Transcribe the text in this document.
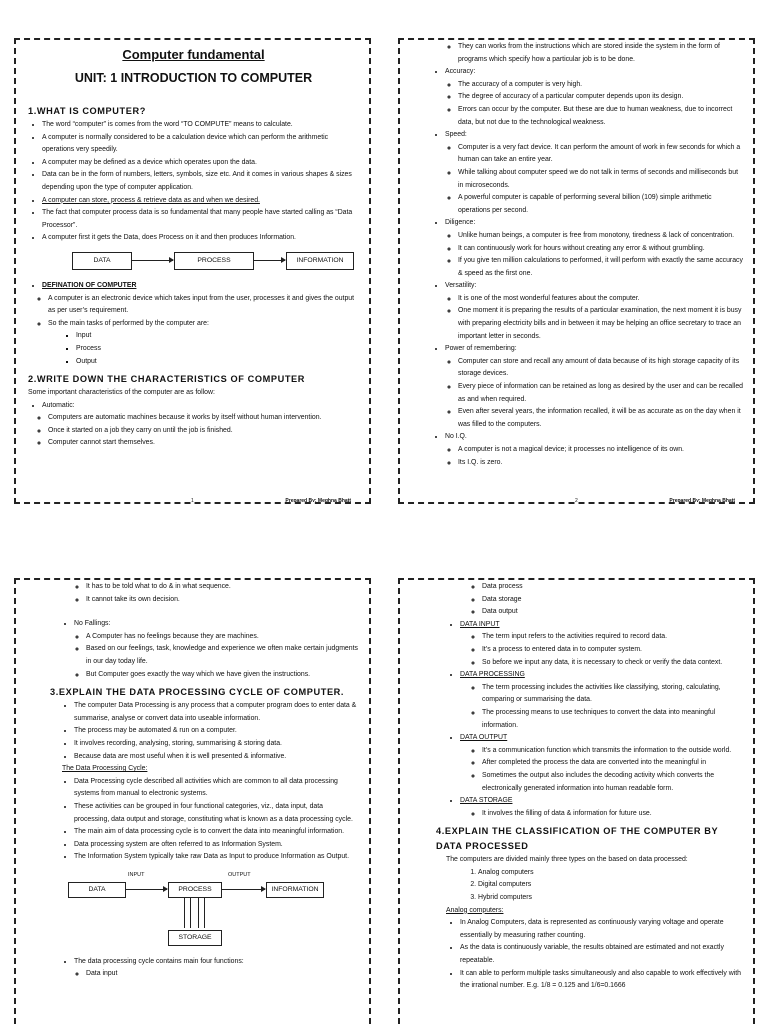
Computer fundamental
UNIT: 1 INTRODUCTION TO COMPUTER
1.WHAT IS COMPUTER?
• The word “computer” is comes from the word “TO COMPUTE” means to calculate.
• A computer is normally considered to be a calculation device which can perform the arithmetic operations very speedily.
• A computer may be defined as a device which operates upon the data.
• Data can be in the form of numbers, letters, symbols, size etc. And it comes in various shapes & sizes depending upon the type of computer application.
• A computer can store, process & retrieve data as and when we desired.
• The fact that computer process data is so fundamental that many people have started calling as “Data Processor”.
• A computer first it gets the Data, does Process on it and then produces Information.
DATA	PROCESS	INFORMATION
• DEFINATION OF COMPUTER
◦ A computer is an electronic device which takes input from the user, processes it and gives the output as per user’s requirement.
◦ So the main tasks of performed by the computer are:
▪ Input
▪ Process
▪ Output
2.WRITE DOWN THE CHARACTERISTICS OF COMPUTER

Some important characteristics of the computer are as follow:

• Automatic:
◦ Computers are automatic machines because it works by itself without human intervention.
◦ Once it started on a job they carry on until the job is finished.
◦ Computer cannot start themselves.
1	Prepared By: Meghna Bhatt
◦ They can works from the instructions which are stored inside the system in the form of programs which specify how a particular job is to be done.
• Accuracy:
◦ The accuracy of a computer is very high.
◦ The degree of accuracy of a particular computer depends upon its design.
◦ Errors can occur by the computer. But these are due to human weakness, due to incorrect data, but not due to the technological weakness.
• Speed:
◦ Computer is a very fact device. It can perform the amount of work in few seconds for which a human can take an entire year.
◦ While talking about computer speed we do not talk in terms of seconds and milliseconds but in microseconds.
◦ A powerful computer is capable of performing several billion (109) simple arithmetic operations per second.
• Diligence:
◦ Unlike human beings, a computer is free from monotony, tiredness & lack of concentration.
◦ It can continuously work for hours without creating any error & without grumbling.
◦ If you give ten million calculations to performed, it will perform with exactly the same accuracy & speed as the first one.
• Versatility:
◦ It is one of the most wonderful features about the computer.
◦ One moment it is preparing the results of a particular examination, the next moment it is busy with preparing electricity bills and in between it may be helping an office secretary to trace an important letter in seconds.
• Power of remembering:
◦ Computer can store and recall any amount of data because of its high storage capacity of its storage devices.
◦ Every piece of information can be retained as long as desired by the user and can be recalled as and when required.
◦ Even after several years, the information recalled, it will be as accurate as on the day when it was filled to the computers.
• No I.Q.
◦ A computer is not a magical device; it processes no intelligence of its own.
◦ Its I.Q. is zero.
2	Prepared By: Meghna Bhatt
◦ It has to be told what to do & in what sequence.
◦ It cannot take its own decision.
• No Fallings:
◦ A Computer has no feelings because they are machines.
◦ Based on our feelings, task, knowledge and experience we often make certain judgments in our day today life.
◦ But Computer goes exactly the way which we have given the instructions.
3.EXPLAIN THE DATA PROCESSING CYCLE OF COMPUTER.
• The computer Data Processing is any process that a computer program does to enter data & summarise, analyse or convert data into useable information.
• The process may be automated & run on a computer.
• It involves recording, analysing, storing, summarising & storing data.
• Because data are most useful when it is well presented & informative.

The Data Processing Cycle:

• Data Processing cycle described all activities which are common to all data processing systems from manual to electronic systems.
• These activities can be grouped in four functional categories, viz., data input, data processing, data output and storage, constituting what is known as a data processing cycle.
• The main aim of data processing cycle is to convert the data into meaningful information.
• Data processing system are often referred to as Information System.
• The Information System typically take raw Data as Input to produce Information as Output.
DATA
INPUT
PROCESS
OUTPUT
INFORMATION
STORAGE
• The data processing cycle contains main four functions:
◦ Data input
◦ Data process
◦ Data storage
◦ Data output
• DATA INPUT
◦ The term input refers to the activities required to record data.
◦ It’s a process to entered data in to computer system.
◦ So before we input any data, it is necessary to check or verify the data context.
• DATA PROCESSING
◦ The term processing includes the activities like classifying, storing, calculating, comparing or summarising the data.
◦ The processing means to use techniques to convert the data into meaningful information.
• DATA OUTPUT
◦ It’s a communication function which transmits the information to the outside world.
◦ After completed the process the data are converted into the meaningful in
◦ Sometimes the output also includes the decoding activity which converts the electronically generated information into human readable form.
• DATA STORAGE
◦ It involves the filling of data & information for future use.
4.EXPLAIN THE CLASSIFICATION OF THE COMPUTER BY DATA PROCESSED

The computers are divided mainly three types on the based on data processed:

1. Analog computers
2. Digital computers
3. Hybrid computers

Analog computers:

• In Analog Computers, data is represented as continuously varying voltage and operate essentially by measuring rather counting.
• As the data is continuously variable, the results obtained are estimated and not exactly repeatable.
• It can able to perform multiple tasks simultaneously and also capable to work effectively with the irrational number. E.g. 1/8 = 0.125 and 1/6=0.1666
